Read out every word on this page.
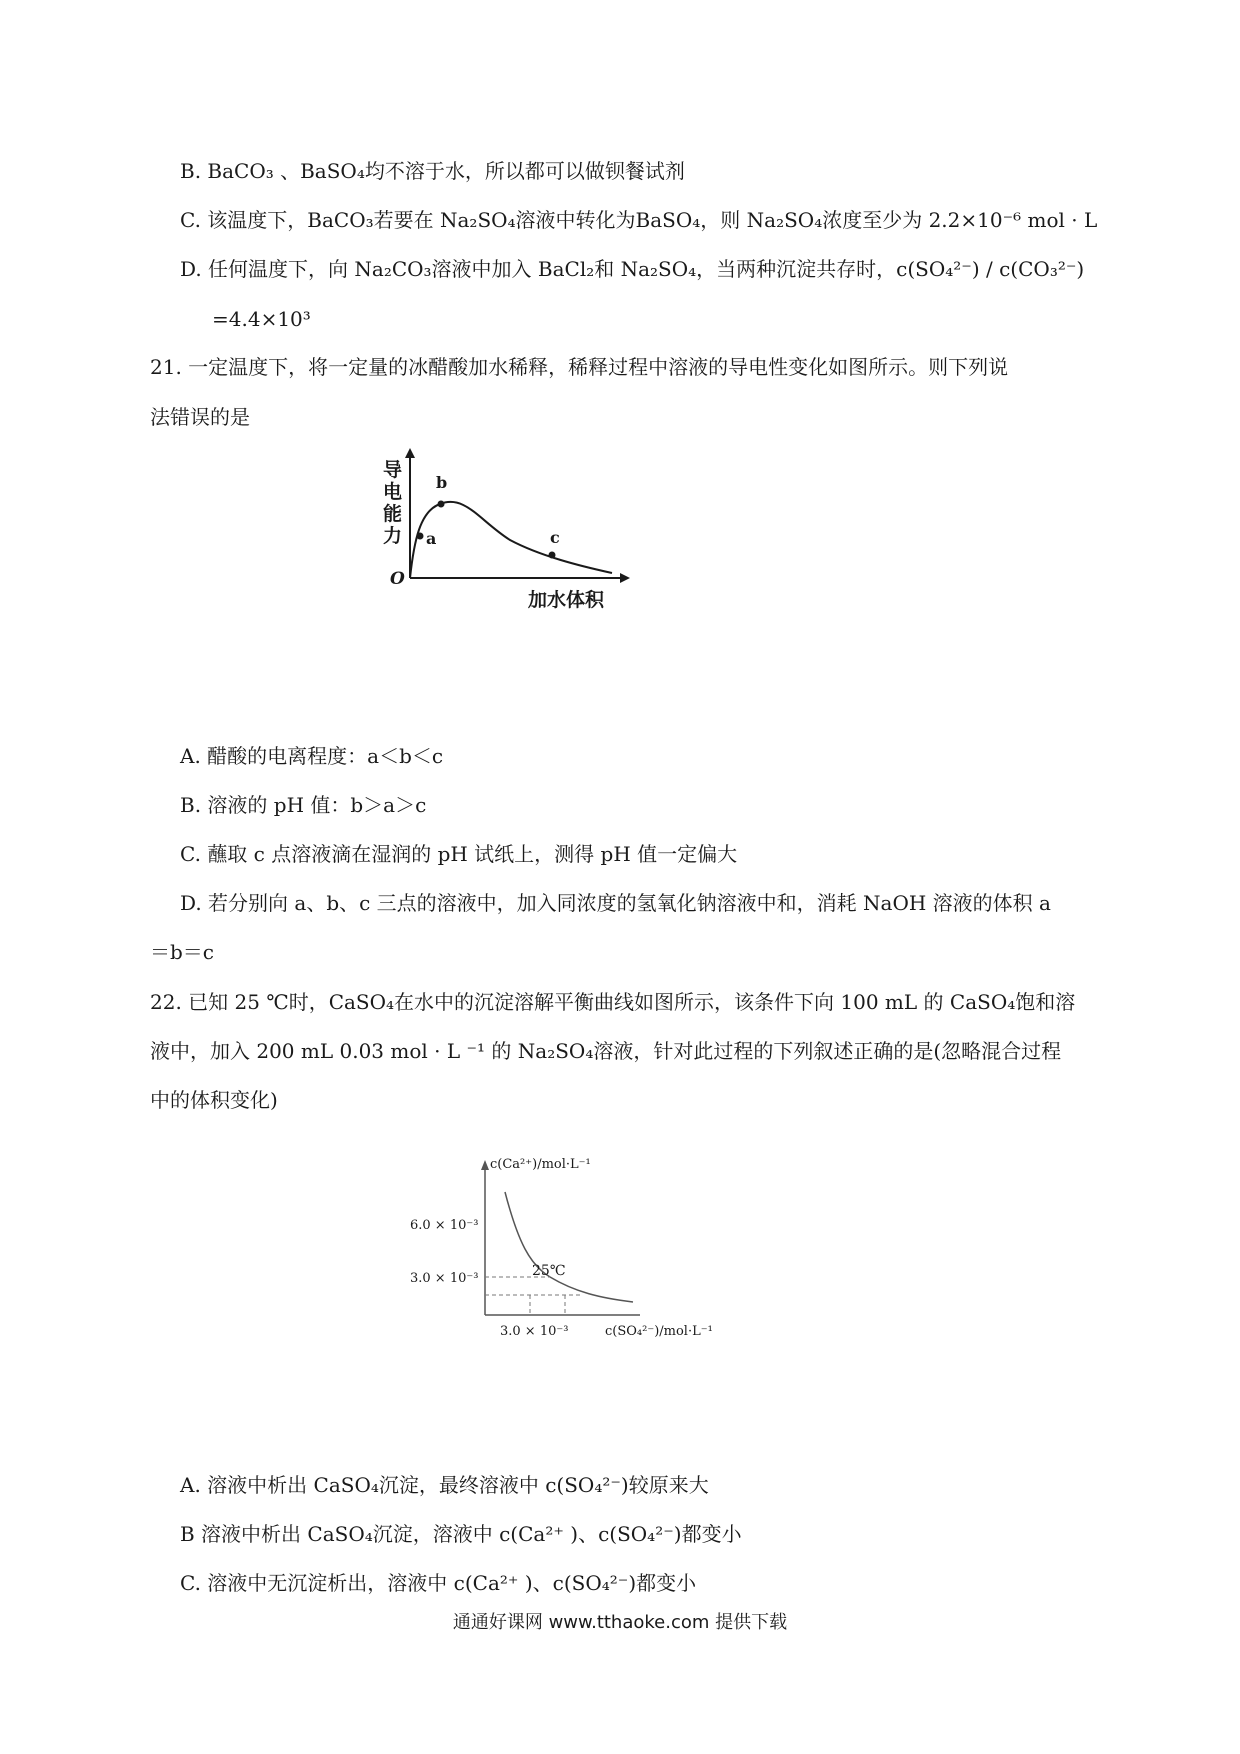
B. BaCO₃ 、BaSO₄均不溶于水，所以都可以做钡餐试剂
C. 该温度下，BaCO₃若要在 Na₂SO₄溶液中转化为BaSO₄，则 Na₂SO₄浓度至少为 2.2×10⁻⁶ mol · L
D. 任何温度下，向 Na₂CO₃溶液中加入 BaCl₂和 Na₂SO₄，当两种沉淀共存时，c(SO₄²⁻) / c(CO₃²⁻)
=4.4×10³
21. 一定温度下，将一定量的冰醋酸加水稀释，稀释过程中溶液的导电性变化如图所示。则下列说
法错误的是
a
b
c
O
导
电
能
力
加水体积
A. 醋酸的电离程度：a＜b＜c
B. 溶液的 pH 值：b＞a＞c
C. 蘸取 c 点溶液滴在湿润的 pH 试纸上，测得 pH 值一定偏大
D. 若分别向 a、b、c 三点的溶液中，加入同浓度的氢氧化钠溶液中和，消耗 NaOH 溶液的体积 a
＝b＝c
22. 已知 25 ℃时，CaSO₄在水中的沉淀溶解平衡曲线如图所示，该条件下向 100 mL 的 CaSO₄饱和溶
液中，加入 200 mL 0.03 mol · L ⁻¹ 的 Na₂SO₄溶液，针对此过程的下列叙述正确的是(忽略混合过程
中的体积变化)
c(Ca²⁺)/mol·L⁻¹
6.0 × 10⁻³
3.0 × 10⁻³	25℃
3.0 × 10⁻³	c(SO₄²⁻)/mol·L⁻¹
A. 溶液中析出 CaSO₄沉淀，最终溶液中 c(SO₄²⁻)较原来大
B 溶液中析出 CaSO₄沉淀，溶液中 c(Ca²⁺ )、c(SO₄²⁻)都变小
C. 溶液中无沉淀析出，溶液中 c(Ca²⁺ )、c(SO₄²⁻)都变小
通通好课网 www.tthaoke.com 提供下载
